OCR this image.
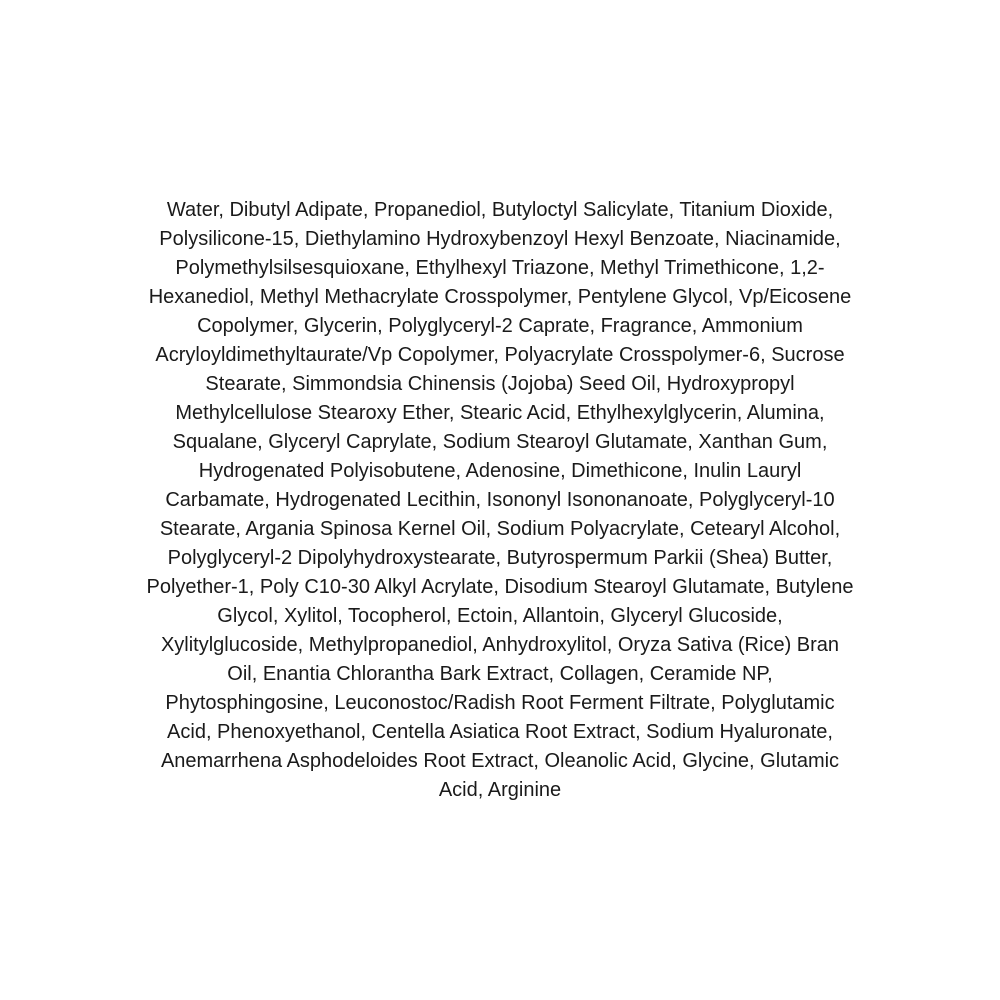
Water, Dibutyl Adipate, Propanediol, Butyloctyl Salicylate, Titanium Dioxide,
Polysilicone-15, Diethylamino Hydroxybenzoyl Hexyl Benzoate, Niacinamide,
Polymethylsilsesquioxane, Ethylhexyl Triazone, Methyl Trimethicone, 1,2-
Hexanediol, Methyl Methacrylate Crosspolymer, Pentylene Glycol, Vp/Eicosene
Copolymer, Glycerin, Polyglyceryl-2 Caprate, Fragrance, Ammonium
Acryloyldimethyltaurate/Vp Copolymer, Polyacrylate Crosspolymer-6, Sucrose
Stearate, Simmondsia Chinensis (Jojoba) Seed Oil, Hydroxypropyl
Methylcellulose Stearoxy Ether, Stearic Acid, Ethylhexylglycerin, Alumina,
Squalane, Glyceryl Caprylate, Sodium Stearoyl Glutamate, Xanthan Gum,
Hydrogenated Polyisobutene, Adenosine, Dimethicone, Inulin Lauryl
Carbamate, Hydrogenated Lecithin, Isononyl Isononanoate, Polyglyceryl-10
Stearate, Argania Spinosa Kernel Oil, Sodium Polyacrylate, Cetearyl Alcohol,
Polyglyceryl-2 Dipolyhydroxystearate, Butyrospermum Parkii (Shea) Butter,
Polyether-1, Poly C10-30 Alkyl Acrylate, Disodium Stearoyl Glutamate, Butylene
Glycol, Xylitol, Tocopherol, Ectoin, Allantoin, Glyceryl Glucoside,
Xylitylglucoside, Methylpropanediol, Anhydroxylitol, Oryza Sativa (Rice) Bran
Oil, Enantia Chlorantha Bark Extract, Collagen, Ceramide NP,
Phytosphingosine, Leuconostoc/Radish Root Ferment Filtrate, Polyglutamic
Acid, Phenoxyethanol, Centella Asiatica Root Extract, Sodium Hyaluronate,
Anemarrhena Asphodeloides Root Extract, Oleanolic Acid, Glycine, Glutamic
Acid, Arginine
